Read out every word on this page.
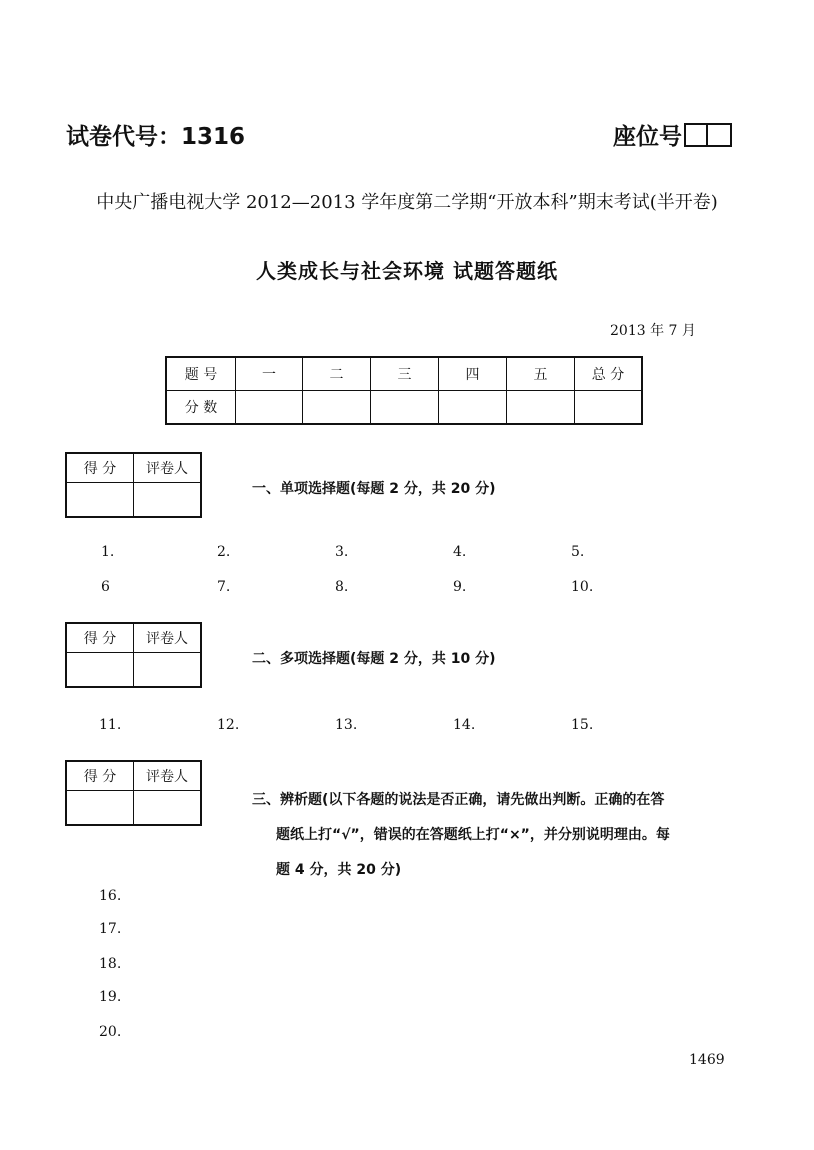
试卷代号：1316	座位号
中央广播电视大学 2012—2013 学年度第二学期“开放本科”期末考试(半开卷)
人类成长与社会环境 试题答题纸
2013 年 7 月
题 号	一	二	三	四	五	总 分
分 数						
得 分	评卷人

一、单项选择题(每题 2 分，共 20 分)
1.	2.	3.	4.	5.
6	7.	8.	9.	10.
得 分	评卷人

二、多项选择题(每题 2 分，共 10 分)
11.	12.	13.	14.	15.
得 分	评卷人

三、辨析题(以下各题的说法是否正确，请先做出判断。正确的在答
题纸上打“√”，错误的在答题纸上打“×”，并分别说明理由。每
题 4 分，共 20 分)
16.
17.
18.
19.
20.
1469
